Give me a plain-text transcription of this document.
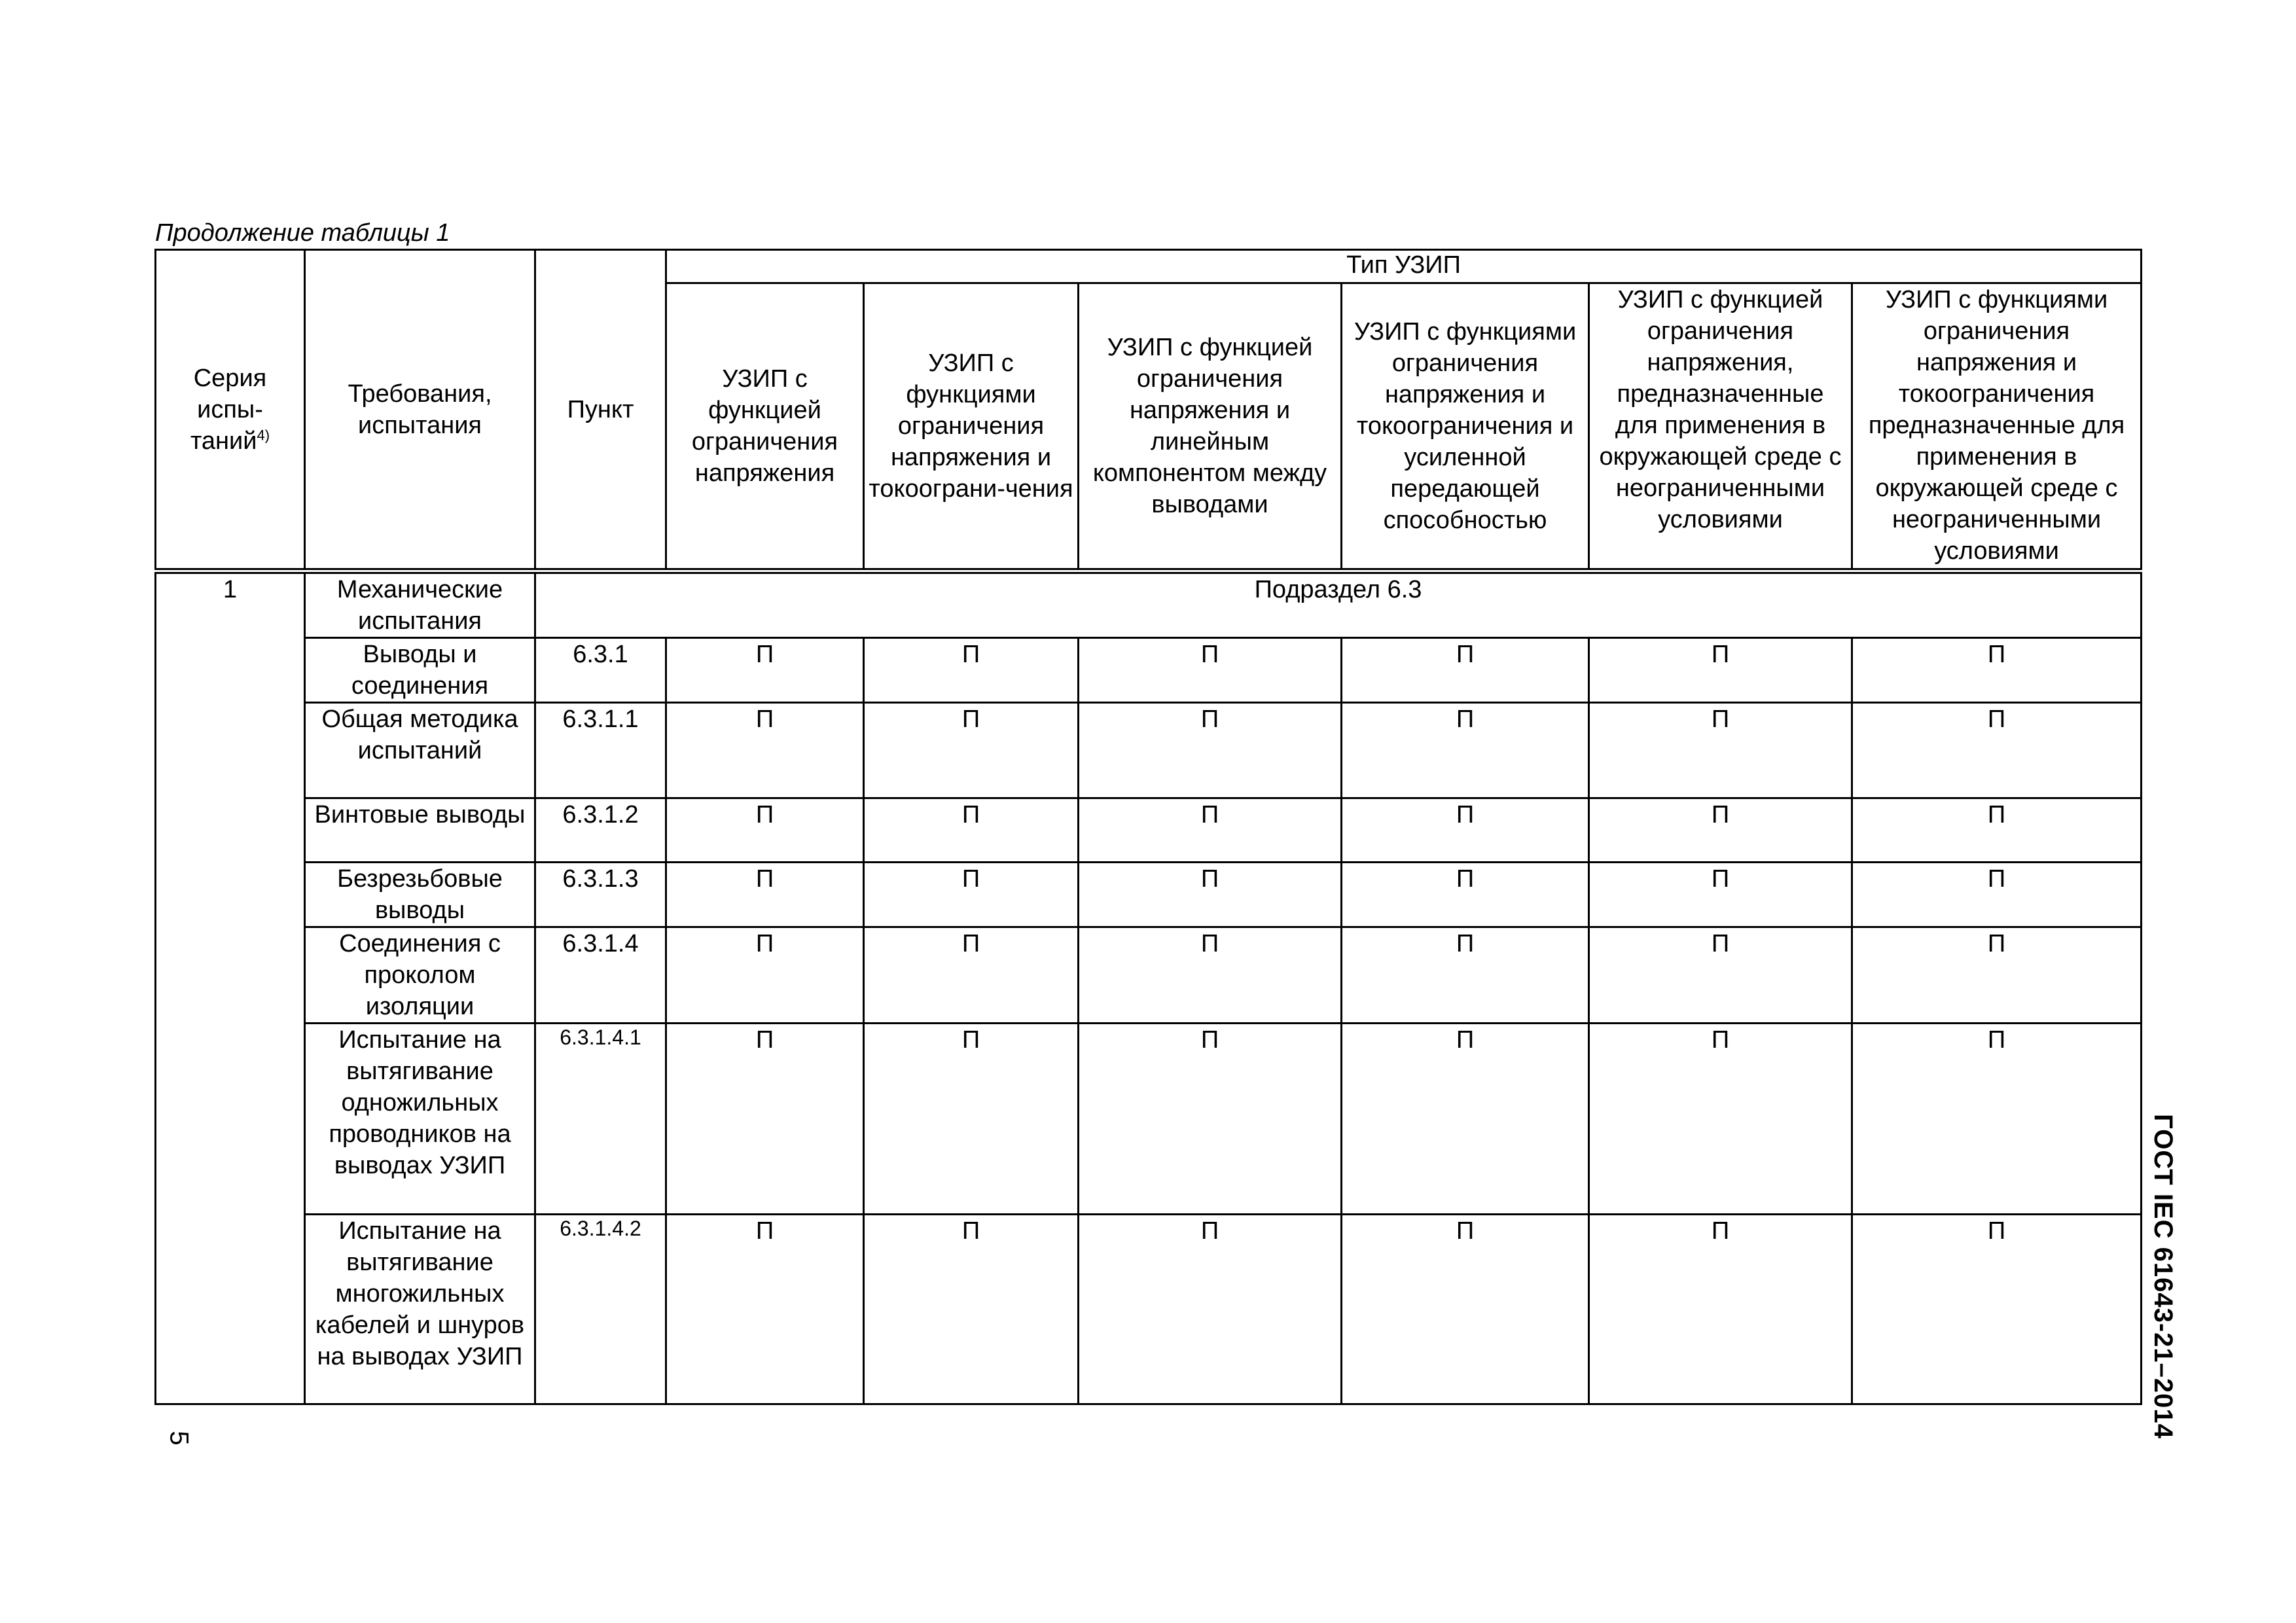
Продолжение таблицы 1
Серия испы-таний$^{4)}$	Требования, испытания	Пункт	Тип УЗИП					
			УЗИП с функцией ограничения напряжения	УЗИП с функциями ограничения напряжения и токоограни-чения	УЗИП с функцией ограничения напряжения и линейным компонентом между выводами	УЗИП с функциями ограничения напряжения и токоограничения и усиленной передающей способностью	УЗИП с функцией ограничения напряжения, предназначенные для применения в окружающей среде с неограниченными условиями	УЗИП с функциями ограничения напряжения и токоограничения предназначенные для применения в окружающей среде с неограниченными условиями
1	Механические испытания	Подраздел 6.3						
	Выводы и соединения	6.3.1	П	П	П	П	П	П
	Общая методика испытаний	6.3.1.1	П	П	П	П	П	П
	Винтовые выводы	6.3.1.2	П	П	П	П	П	П
	Безрезьбовые выводы	6.3.1.3	П	П	П	П	П	П
	Соединения с проколом изоляции	6.3.1.4	П	П	П	П	П	П
	Испытание на вытягивание одножильных проводников на выводах УЗИП	6.3.1.4.1	П	П	П	П	П	П
	Испытание на вытягивание многожильных кабелей и шнуров на выводах УЗИП	6.3.1.4.2	П	П	П	П	П	П	ГОСТ IEC 61643-21–2014
5
